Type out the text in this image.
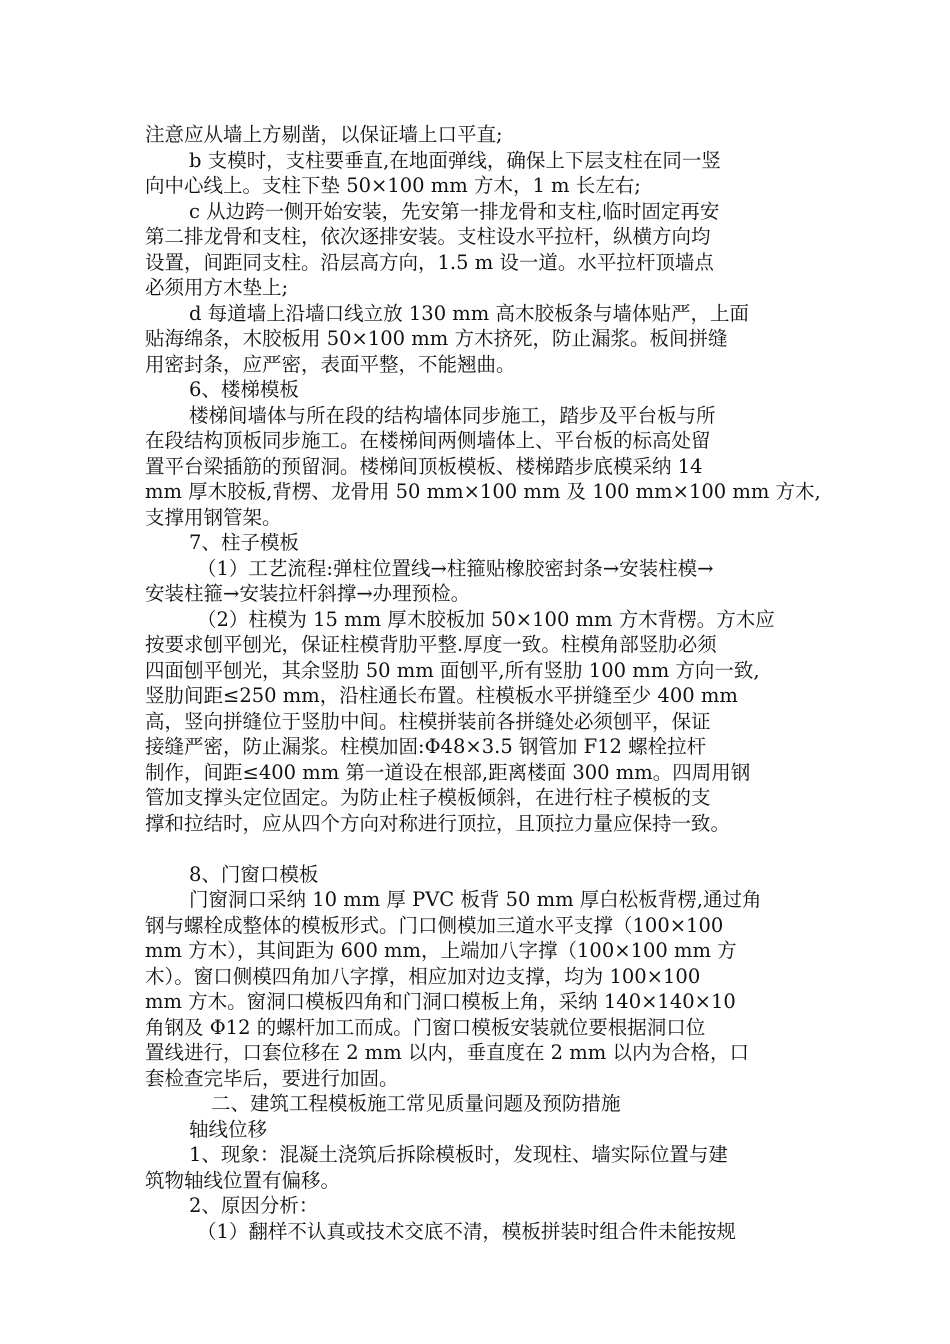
注意应从墙上方剔凿，以保证墙上口平直;
b 支模时，支柱要垂直,在地面弹线，确保上下层支柱在同一竖
向中心线上。支柱下垫 50×100 mm 方木，1 m 长左右;
c 从边跨一侧开始安装，先安第一排龙骨和支柱,临时固定再安
第二排龙骨和支柱，依次逐排安装。支柱设水平拉杆，纵横方向均
设置，间距同支柱。沿层高方向，1.5 m 设一道。水平拉杆顶墙点
必须用方木垫上;
d 每道墙上沿墙口线立放 130 mm 高木胶板条与墙体贴严，上面
贴海绵条，木胶板用 50×100 mm 方木挤死，防止漏浆。板间拼缝
用密封条，应严密，表面平整，不能翘曲。
6、楼梯模板
楼梯间墙体与所在段的结构墙体同步施工，踏步及平台板与所
在段结构顶板同步施工。在楼梯间两侧墙体上、平台板的标高处留
置平台梁插筋的预留洞。楼梯间顶板模板、楼梯踏步底模采纳 14
mm 厚木胶板,背楞、龙骨用 50 mm×100 mm 及 100 mm×100 mm 方木,
支撑用钢管架。
7、柱子模板
（1）工艺流程:弹柱位置线→柱箍贴橡胶密封条→安装柱模→
安装柱箍→安装拉杆斜撑→办理预检。
（2）柱模为 15 mm 厚木胶板加 50×100 mm 方木背楞。方木应
按要求刨平刨光，保证柱模背肋平整.厚度一致。柱模角部竖肋必须
四面刨平刨光，其余竖肋 50 mm 面刨平,所有竖肋 100 mm 方向一致,
竖肋间距≤250 mm，沿柱通长布置。柱模板水平拼缝至少 400 mm
高，竖向拼缝位于竖肋中间。柱模拼装前各拼缝处必须刨平，保证
接缝严密，防止漏浆。柱模加固:Φ48×3.5 钢管加 F12 螺栓拉杆
制作，间距≤400 mm 第一道设在根部,距离楼面 300 mm。四周用钢
管加支撑头定位固定。为防止柱子模板倾斜，在进行柱子模板的支
撑和拉结时，应从四个方向对称进行顶拉，且顶拉力量应保持一致。
8、门窗口模板
门窗洞口采纳 10 mm 厚 PVC 板背 50 mm 厚白松板背楞,通过角
钢与螺栓成整体的模板形式。门口侧模加三道水平支撑（100×100
mm 方木），其间距为 600 mm，上端加八字撑（100×100 mm 方
木）。窗口侧模四角加八字撑，相应加对边支撑，均为 100×100
mm 方木。窗洞口模板四角和门洞口模板上角，采纳 140×140×10
角钢及 Φ12 的螺杆加工而成。门窗口模板安装就位要根据洞口位
置线进行，口套位移在 2 mm 以内，垂直度在 2 mm 以内为合格，口
套检查完毕后，要进行加固。
二、建筑工程模板施工常见质量问题及预防措施
轴线位移
1、现象：混凝土浇筑后拆除模板时，发现柱、墙实际位置与建
筑物轴线位置有偏移。
2、原因分析：
（1）翻样不认真或技术交底不清，模板拼装时组合件未能按规
